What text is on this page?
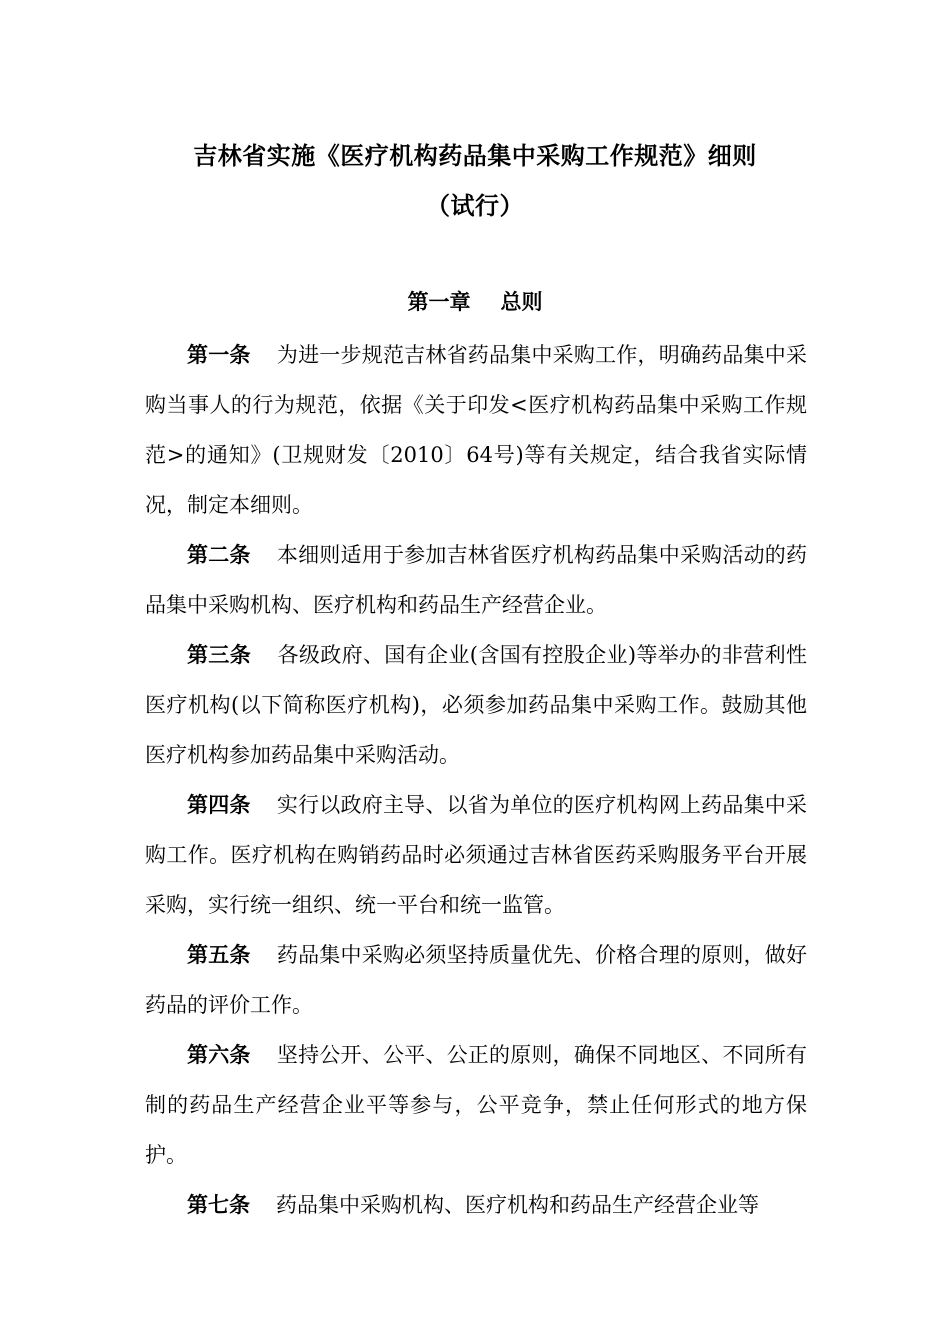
吉林省实施《医疗机构药品集中采购工作规范》细则
（试行）
第一章 总则

第一条 为进一步规范吉林省药品集中采购工作，明确药品集中采购当事人的行为规范，依据《关于印发<医疗机构药品集中采购工作规范>的通知》(卫规财发〔2010〕64号)等有关规定，结合我省实际情况，制定本细则。

第二条 本细则适用于参加吉林省医疗机构药品集中采购活动的药品集中采购机构、医疗机构和药品生产经营企业。

第三条 各级政府、国有企业(含国有控股企业)等举办的非营利性医疗机构(以下简称医疗机构)，必须参加药品集中采购工作。鼓励其他医疗机构参加药品集中采购活动。

第四条 实行以政府主导、以省为单位的医疗机构网上药品集中采购工作。医疗机构在购销药品时必须通过吉林省医药采购服务平台开展采购，实行统一组织、统一平台和统一监管。

第五条 药品集中采购必须坚持质量优先、价格合理的原则，做好药品的评价工作。

第六条 坚持公开、公平、公正的原则，确保不同地区、不同所有制的药品生产经营企业平等参与，公平竞争，禁止任何形式的地方保护。

第七条 药品集中采购机构、医疗机构和药品生产经营企业等
